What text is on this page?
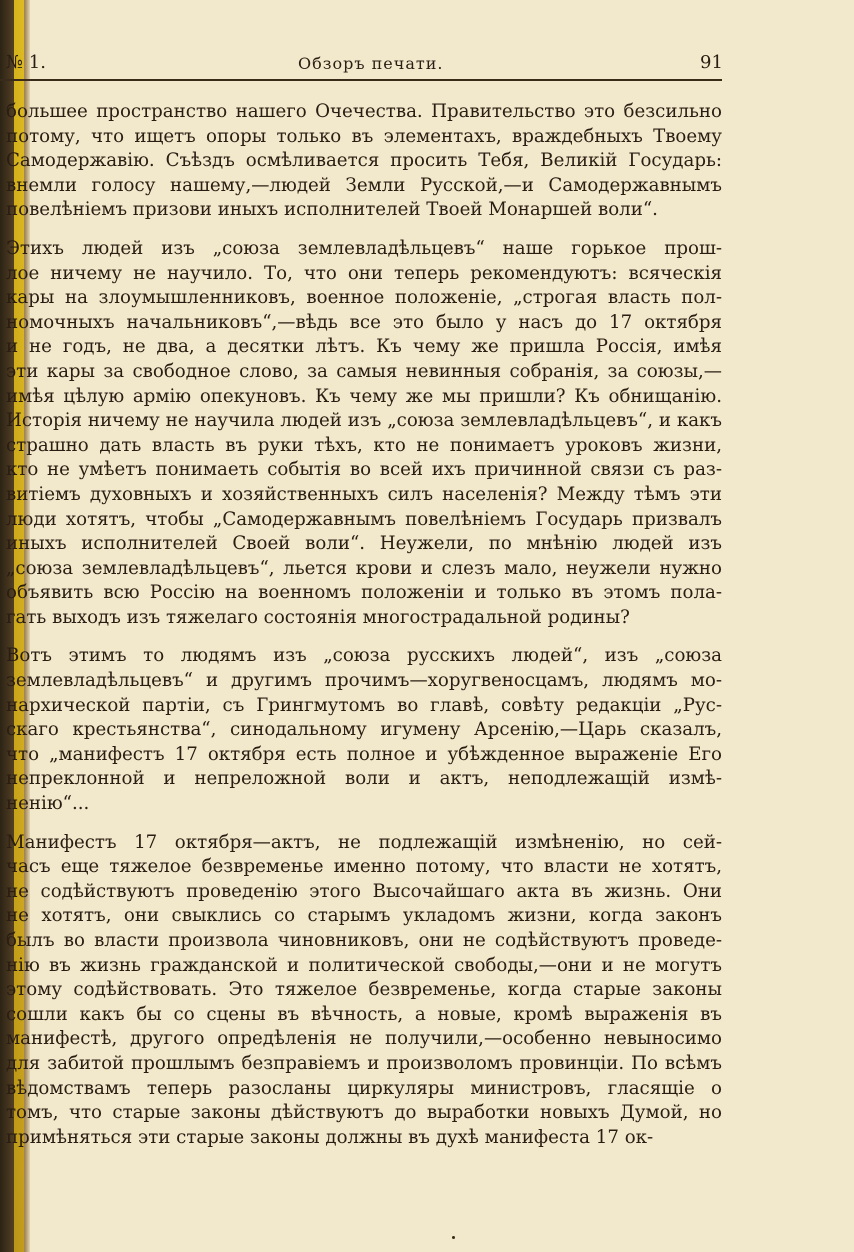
№ 1.	Обзоръ печати.	91
большее пространство нашего Очечества. Правительство это безсильно
потому, что ищетъ опоры только въ элементахъ, враждебныхъ Твоему
Самодержавію. Съѣздъ осмѣливается просить Тебя, Великій Государь:
внемли голосу нашему,—людей Земли Русской,—и Самодержавнымъ
повелѣніемъ призови иныхъ исполнителей Твоей Монаршей воли“.
Этихъ людей изъ „союза землевладѣльцевъ“ наше горькое прош-
лое ничему не научило. То, что они теперь рекомендуютъ: всяческія
кары на злоумышленниковъ, военное положеніе, „строгая власть пол-
номочныхъ начальниковъ“,—вѣдь все это было у насъ до 17 октября
и не годъ, не два, а десятки лѣтъ. Къ чему же пришла Россія, имѣя
эти кары за свободное слово, за самыя невинныя собранія, за союзы,—
имѣя цѣлую армію опекуновъ. Къ чему же мы пришли? Къ обнищанію.
Исторія ничему не научила людей изъ „союза землевладѣльцевъ“, и какъ
страшно дать власть въ руки тѣхъ, кто не понимаетъ уроковъ жизни,
кто не умѣетъ понимаеть событія во всей ихъ причинной связи съ раз-
витіемъ духовныхъ и хозяйственныхъ силъ населенія? Между тѣмъ эти
люди хотятъ, чтобы „Самодержавнымъ повелѣніемъ Государь призвалъ
иныхъ исполнителей Своей воли“. Неужели, по мнѣнію людей изъ
„союза землевладѣльцевъ“, льется крови и слезъ мало, неужели нужно
объявить всю Россію на военномъ положеніи и только въ этомъ пола-
гать выходъ изъ тяжелаго состоянія многострадальной родины?
Вотъ этимъ то людямъ изъ „союза русскихъ людей“, изъ „союза
землевладѣльцевъ“ и другимъ прочимъ—хоругвеносцамъ, людямъ мо-
нархической партіи, съ Грингмутомъ во главѣ, совѣту редакціи „Рус-
скаго крестьянства“, синодальному игумену Арсенію,—Царь сказалъ,
что „манифестъ 17 октября есть полное и убѣжденное выраженіе Его
непреклонной и непреложной воли и актъ, неподлежащій измѣ-
ненію“...
Манифестъ 17 октября—актъ, не подлежащій измѣненію, но сей-
часъ еще тяжелое безвременье именно потому, что власти не хотятъ,
не содѣйствуютъ проведенію этого Высочайшаго акта въ жизнь. Они
не хотятъ, они свыклись со старымъ укладомъ жизни, когда законъ
былъ во власти произвола чиновниковъ, они не содѣйствуютъ проведе-
нію въ жизнь гражданской и политической свободы,—они и не могутъ
этому содѣйствовать. Это тяжелое безвременье, когда старые законы
сошли какъ бы со сцены въ вѣчность, а новые, кромѣ выраженія въ
манифестѣ, другого опредѣленія не получили,—особенно невыносимо
для забитой прошлымъ безправіемъ и произволомъ провинціи. По всѣмъ
вѣдомствамъ теперь разосланы циркуляры министровъ, гласящіе о
томъ, что старые законы дѣйствуютъ до выработки новыхъ Думой, но
примѣняться эти старые законы должны въ духѣ манифеста 17 ок-
